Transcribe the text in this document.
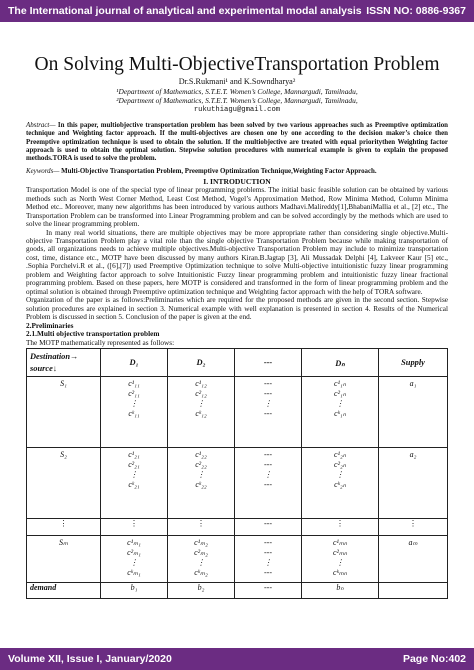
The International journal of analytical and experimental modal analysis ISSN NO: 0886-9367
On Solving Multi-ObjectiveTransportation Problem
Dr.S.Rukmani¹ and K.Sowndharya²
¹Department of Mathematics, S.T.E.T. Women’s College, Mannargudi, Tamilnadu,
²Department of Mathematics, S.T.E.T. Women’s College, Mannargudi, Tamilnadu,
rukuthiagu@gmail.com
Abstract— In this paper, multiobjective transportation problem has been solved by two various approaches such as Preemptive optimization technique and Weighting factor approach. If the multi-objectives are chosen one by one according to the decision maker’s choice then Preemptive optimization technique is used to obtain the solution. If the multiobjective are treated with equal prioritythen Weighting factor approach is used to obtain the optimal solution. Stepwise solution procedures with numerical example is given to explain the proposed methods.TORA is used to solve the problem.
Keywords— Multi-Objective Transportation Problem, Preemptive Optimization Technique,Weighting Factor Approach.
I. INTRODUCTION

Transportation Model is one of the special type of linear programming problems. The initial basic feasible solution can be obtained by various methods such as North West Corner Method, Least Cost Method, Vogel’s Approximation Method, Row Minima Method, Column Minima Method etc.. Moreover, many new algorithms has been introduced by various authors Madhavi.Malireddy[1],BhabaniMallia et al., [2] etc., The Transportation Problem can be transformed into Linear Programming problem and can be solved accordingly by the methods which are used to solve the linear programming problem.

In many real world situations, there are multiple objectives may be more appropriate rather than considering single objective.Multi-objective Transportation Problem play a vital role than the single objective Transportation Problem because while making transportation of goods, all organizations needs to achieve multiple objectives.Multi-objective Transportation Problem may include to minimize transportation cost, time, distance etc., MOTP have been discussed by many authors Kiran.B.Jagtap [3], Ali Mussadak Delphi [4], Lakveer Kaur [5] etc., .Sophia Porchelvi.R et al., ([6],[7]) used Preemptive Optimization technique to solve Multi-objective intuitionistic fuzzy linear programming problem and Weighting factor approach to solve Intuitionistic Fuzzy linear programming problem and intuitionistic fuzzy linear fractional programming problem. Based on these papers, here MOTP is considered and transformed in the form of linear programming problem and the optimal solution is obtained through Preemptive optimization technique and Weighting factor approach with the help of TORA software.

Organization of the paper is as follows:Preliminaries which are required for the proposed methods are given in the second section. Stepwise solution procedures are explained in section 3. Numerical example with well explanation is presented in section 4. Results of the Numerical Problem is discussed in section 5. Conclusion of the paper is given at the end.

2.Preliminaries
2.1.Multi objective transportation problem

The MOTP mathematically represented as follows:

Destination→
source↓	D₁	D₂	---	Dₙ	Supply

S₁	c¹₁₁
c²₁₁
⋮
cᵏ₁₁	c¹₁₂
c²₁₂
⋮
cᵏ₁₂	---
---
⋮
---	c¹₁ₙ
c²₁ₙ
⋮
cᵏ₁ₙ	a₁

S₂	c¹₂₁
c²₂₁
⋮
cᵏ₂₁	c¹₂₂
c²₂₂
⋮
cᵏ₂₂	---
---
⋮
---	c¹₂ₙ
c²₂ₙ
⋮
cᵏ₂ₙ	a₂

⋮	⋮	⋮	---	⋮	⋮

Sₘ	c¹ₘ₁
c²ₘ₁
⋮
cᵏₘ₁	c¹ₘ₂
c²ₘ₂
⋮
cᵏₘ₂	---
---
⋮
---	c¹ₘₙ
c²ₘₙ
⋮
cᵏₘₙ	aₘ

demand	b₁	b₂	---	bₙ	
Volume XII, Issue I, January/2020	Page No:402
